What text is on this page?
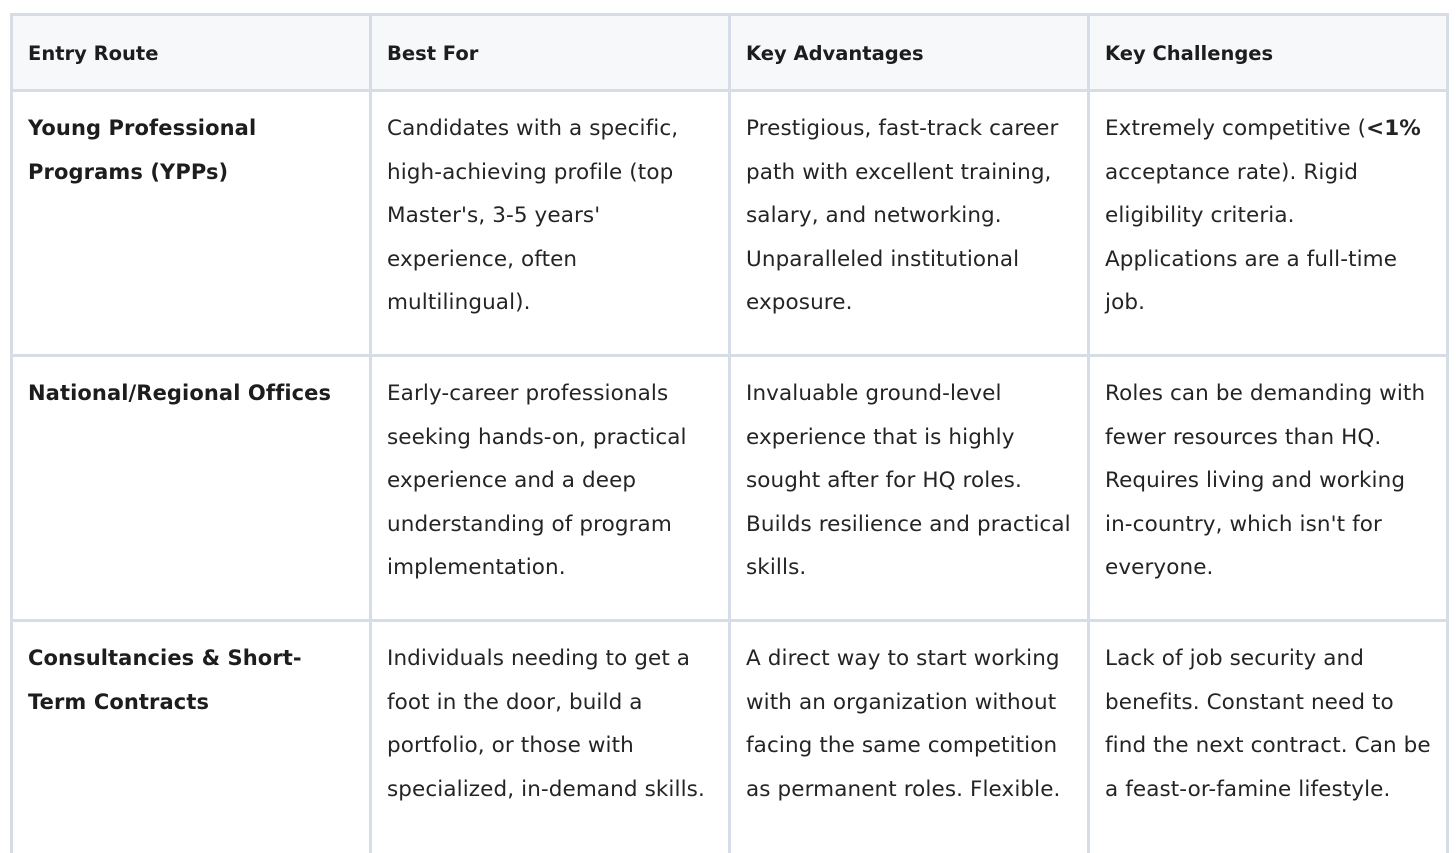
Entry Route	Best For	Key Advantages	Key Challenges
Young Professional Programs (YPPs)	Candidates with a specific, high-achieving profile (top Master's, 3-5 years' experience, often multilingual).	Prestigious, fast-track career path with excellent training, salary, and networking. Unparalleled institutional exposure.	Extremely competitive (<1% acceptance rate). Rigid eligibility criteria. Applications are a full-time job.
National/Regional Offices	Early-career professionals seeking hands-on, practical experience and a deep understanding of program implementation.	Invaluable ground-level experience that is highly sought after for HQ roles. Builds resilience and practical skills.	Roles can be demanding with fewer resources than HQ. Requires living and working in-country, which isn't for everyone.
Consultancies & Short-Term Contracts	Individuals needing to get a foot in the door, build a portfolio, or those with specialized, in-demand skills.	A direct way to start working with an organization without facing the same competition as permanent roles. Flexible.	Lack of job security and benefits. Constant need to find the next contract. Can be a feast-or-famine lifestyle.
